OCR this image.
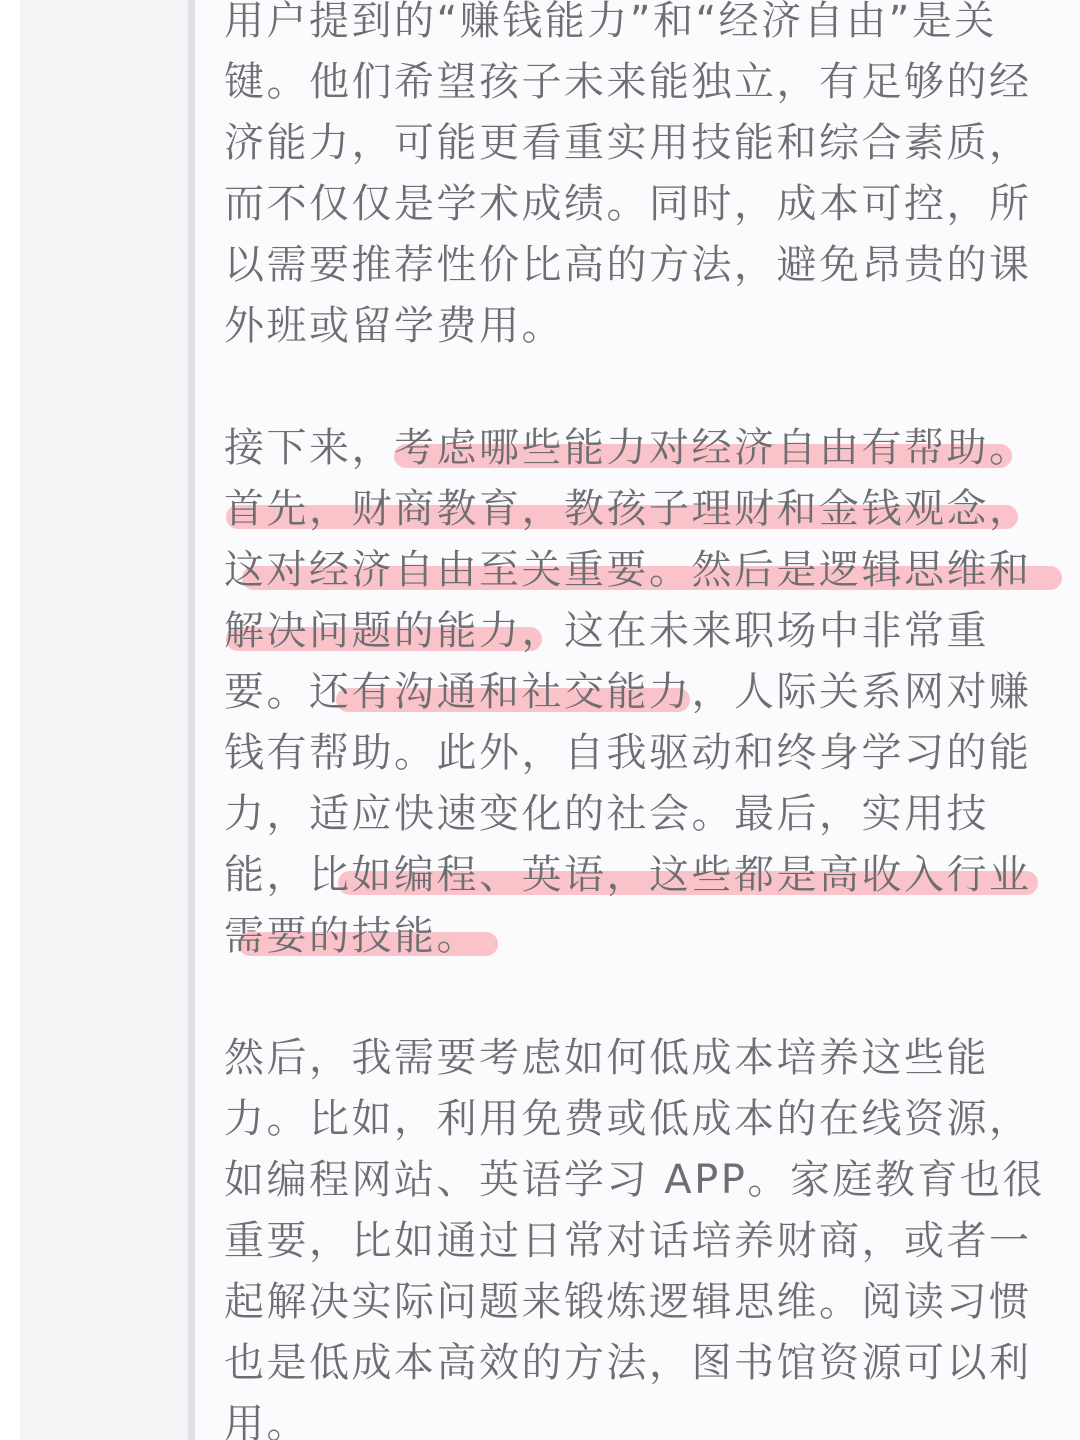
用户提到的“赚钱能力”和“经济自由”是关
键。他们希望孩子未来能独立，有足够的经
济能力，可能更看重实用技能和综合素质，
而不仅仅是学术成绩。同时，成本可控，所
以需要推荐性价比高的方法，避免昂贵的课
外班或留学费用。
接下来，考虑哪些能力对经济自由有帮助。
首先，财商教育，教孩子理财和金钱观念，
这对经济自由至关重要。然后是逻辑思维和
解决问题的能力，这在未来职场中非常重
要。还有沟通和社交能力，人际关系网对赚
钱有帮助。此外，自我驱动和终身学习的能
力，适应快速变化的社会。最后，实用技
能，比如编程、英语，这些都是高收入行业
需要的技能。
然后，我需要考虑如何低成本培养这些能
力。比如，利用免费或低成本的在线资源，
如编程网站、英语学习 APP。家庭教育也很
重要，比如通过日常对话培养财商，或者一
起解决实际问题来锻炼逻辑思维。阅读习惯
也是低成本高效的方法，图书馆资源可以利
用。
